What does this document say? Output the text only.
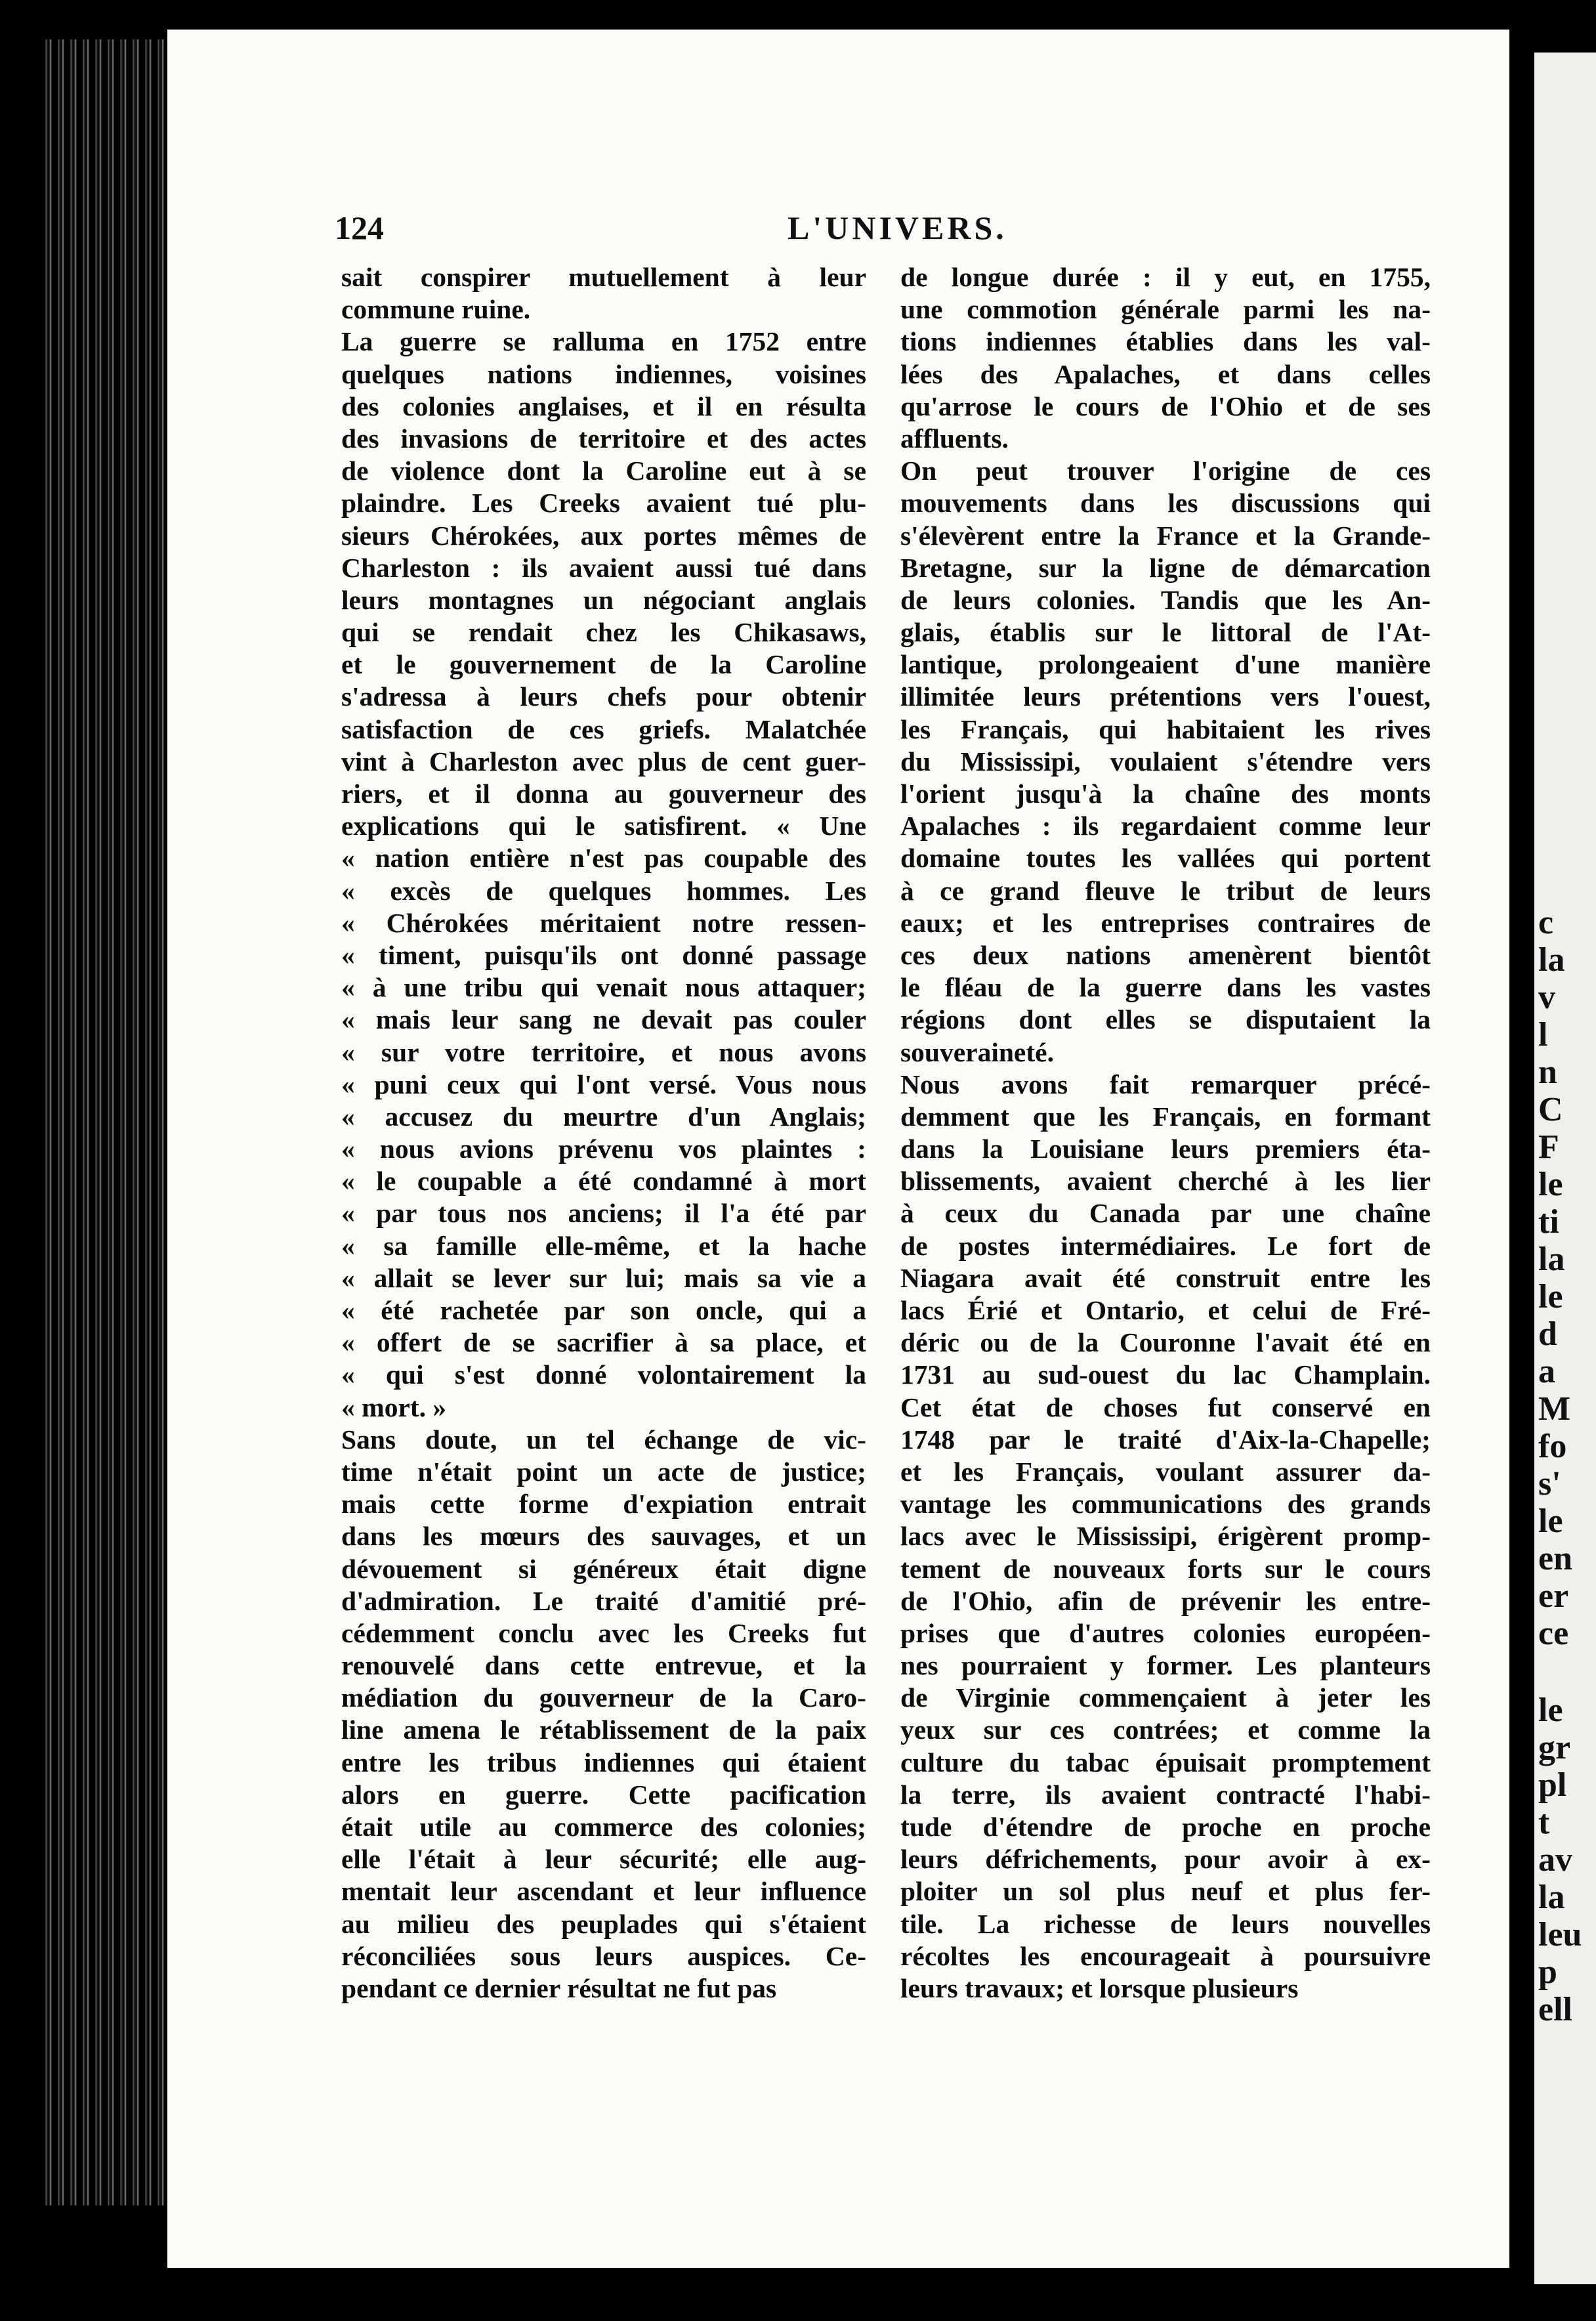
c
la
v
l
n
C
F
le
ti
la
le
d
a
M
fo
s'
le
en
er
ce
le
gr
pl
t
av
la
leu
p
ell
124	L'UNIVERS.
sait conspirer mutuellement à leur
commune ruine.
La guerre se ralluma en 1752 entre
quelques nations indiennes, voisines
des colonies anglaises, et il en résulta
des invasions de territoire et des actes
de violence dont la Caroline eut à se
plaindre. Les Creeks avaient tué plu-
sieurs Chérokées, aux portes mêmes de
Charleston : ils avaient aussi tué dans
leurs montagnes un négociant anglais
qui se rendait chez les Chikasaws,
et le gouvernement de la Caroline
s'adressa à leurs chefs pour obtenir
satisfaction de ces griefs. Malatchée
vint à Charleston avec plus de cent guer-
riers, et il donna au gouverneur des
explications qui le satisfirent. « Une
« nation entière n'est pas coupable des
« excès de quelques hommes. Les
« Chérokées méritaient notre ressen-
« timent, puisqu'ils ont donné passage
« à une tribu qui venait nous attaquer;
« mais leur sang ne devait pas couler
« sur votre territoire, et nous avons
« puni ceux qui l'ont versé. Vous nous
« accusez du meurtre d'un Anglais;
« nous avions prévenu vos plaintes :
« le coupable a été condamné à mort
« par tous nos anciens; il l'a été par
« sa famille elle-même, et la hache
« allait se lever sur lui; mais sa vie a
« été rachetée par son oncle, qui a
« offert de se sacrifier à sa place, et
« qui s'est donné volontairement la
« mort. »
Sans doute, un tel échange de vic-
time n'était point un acte de justice;
mais cette forme d'expiation entrait
dans les mœurs des sauvages, et un
dévouement si généreux était digne
d'admiration. Le traité d'amitié pré-
cédemment conclu avec les Creeks fut
renouvelé dans cette entrevue, et la
médiation du gouverneur de la Caro-
line amena le rétablissement de la paix
entre les tribus indiennes qui étaient
alors en guerre. Cette pacification
était utile au commerce des colonies;
elle l'était à leur sécurité; elle aug-
mentait leur ascendant et leur influence
au milieu des peuplades qui s'étaient
réconciliées sous leurs auspices. Ce-
pendant ce dernier résultat ne fut pas
de longue durée : il y eut, en 1755,
une commotion générale parmi les na-
tions indiennes établies dans les val-
lées des Apalaches, et dans celles
qu'arrose le cours de l'Ohio et de ses
affluents.
On peut trouver l'origine de ces
mouvements dans les discussions qui
s'élevèrent entre la France et la Grande-
Bretagne, sur la ligne de démarcation
de leurs colonies. Tandis que les An-
glais, établis sur le littoral de l'At-
lantique, prolongeaient d'une manière
illimitée leurs prétentions vers l'ouest,
les Français, qui habitaient les rives
du Mississipi, voulaient s'étendre vers
l'orient jusqu'à la chaîne des monts
Apalaches : ils regardaient comme leur
domaine toutes les vallées qui portent
à ce grand fleuve le tribut de leurs
eaux; et les entreprises contraires de
ces deux nations amenèrent bientôt
le fléau de la guerre dans les vastes
régions dont elles se disputaient la
souveraineté.
Nous avons fait remarquer précé-
demment que les Français, en formant
dans la Louisiane leurs premiers éta-
blissements, avaient cherché à les lier
à ceux du Canada par une chaîne
de postes intermédiaires. Le fort de
Niagara avait été construit entre les
lacs Érié et Ontario, et celui de Fré-
déric ou de la Couronne l'avait été en
1731 au sud-ouest du lac Champlain.
Cet état de choses fut conservé en
1748 par le traité d'Aix-la-Chapelle;
et les Français, voulant assurer da-
vantage les communications des grands
lacs avec le Mississipi, érigèrent promp-
tement de nouveaux forts sur le cours
de l'Ohio, afin de prévenir les entre-
prises que d'autres colonies européen-
nes pourraient y former. Les planteurs
de Virginie commençaient à jeter les
yeux sur ces contrées; et comme la
culture du tabac épuisait promptement
la terre, ils avaient contracté l'habi-
tude d'étendre de proche en proche
leurs défrichements, pour avoir à ex-
ploiter un sol plus neuf et plus fer-
tile. La richesse de leurs nouvelles
récoltes les encourageait à poursuivre
leurs travaux; et lorsque plusieurs
